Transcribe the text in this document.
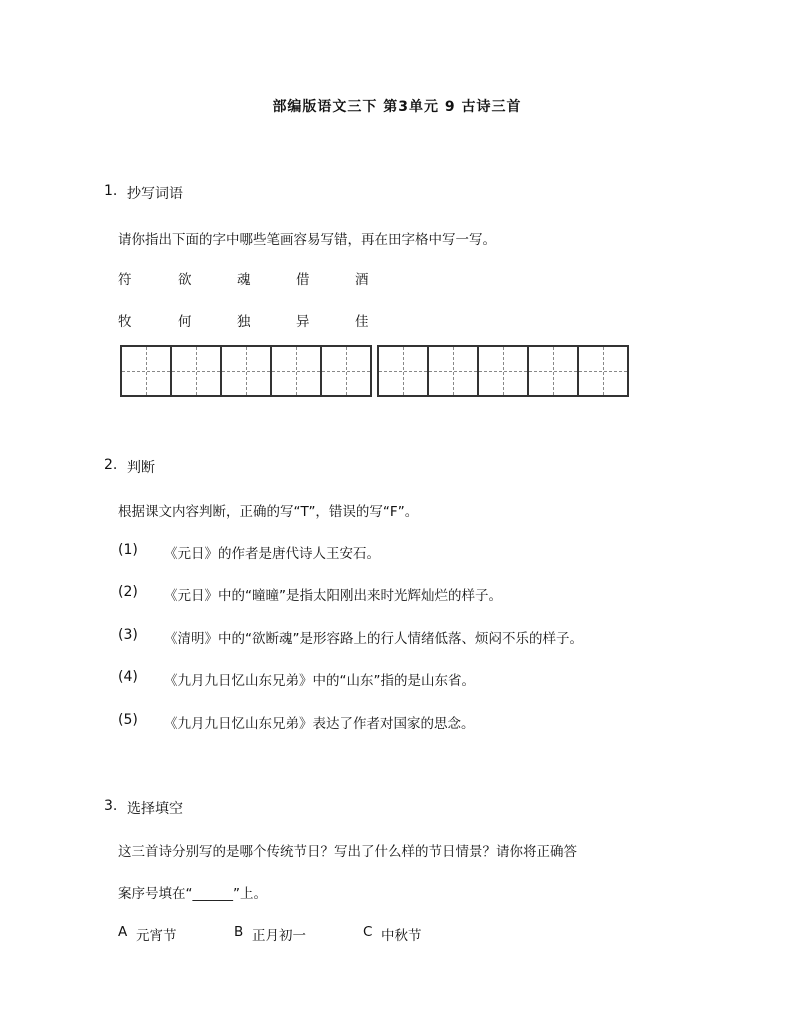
部编版语文三下 第3单元 9 古诗三首
1. 抄写词语
请你指出下面的字中哪些笔画容易写错，再在田字格中写一写。
符	欲	魂	借	酒
牧	何	独	异	佳
2. 判断
根据课文内容判断，正确的写“T”，错误的写“F”。
(1) 《元日》的作者是唐代诗人王安石。
(2) 《元日》中的“曈曈”是指太阳刚出来时光辉灿烂的样子。
(3) 《清明》中的“欲断魂”是形容路上的行人情绪低落、烦闷不乐的样子。
(4) 《九月九日忆山东兄弟》中的“山东”指的是山东省。
(5) 《九月九日忆山东兄弟》表达了作者对国家的思念。
3. 选择填空
这三首诗分别写的是哪个传统节日？写出了什么样的节日情景？请你将正确答
案序号填在“______”上。
A 元宵节	B 正月初一	C 中秋节
